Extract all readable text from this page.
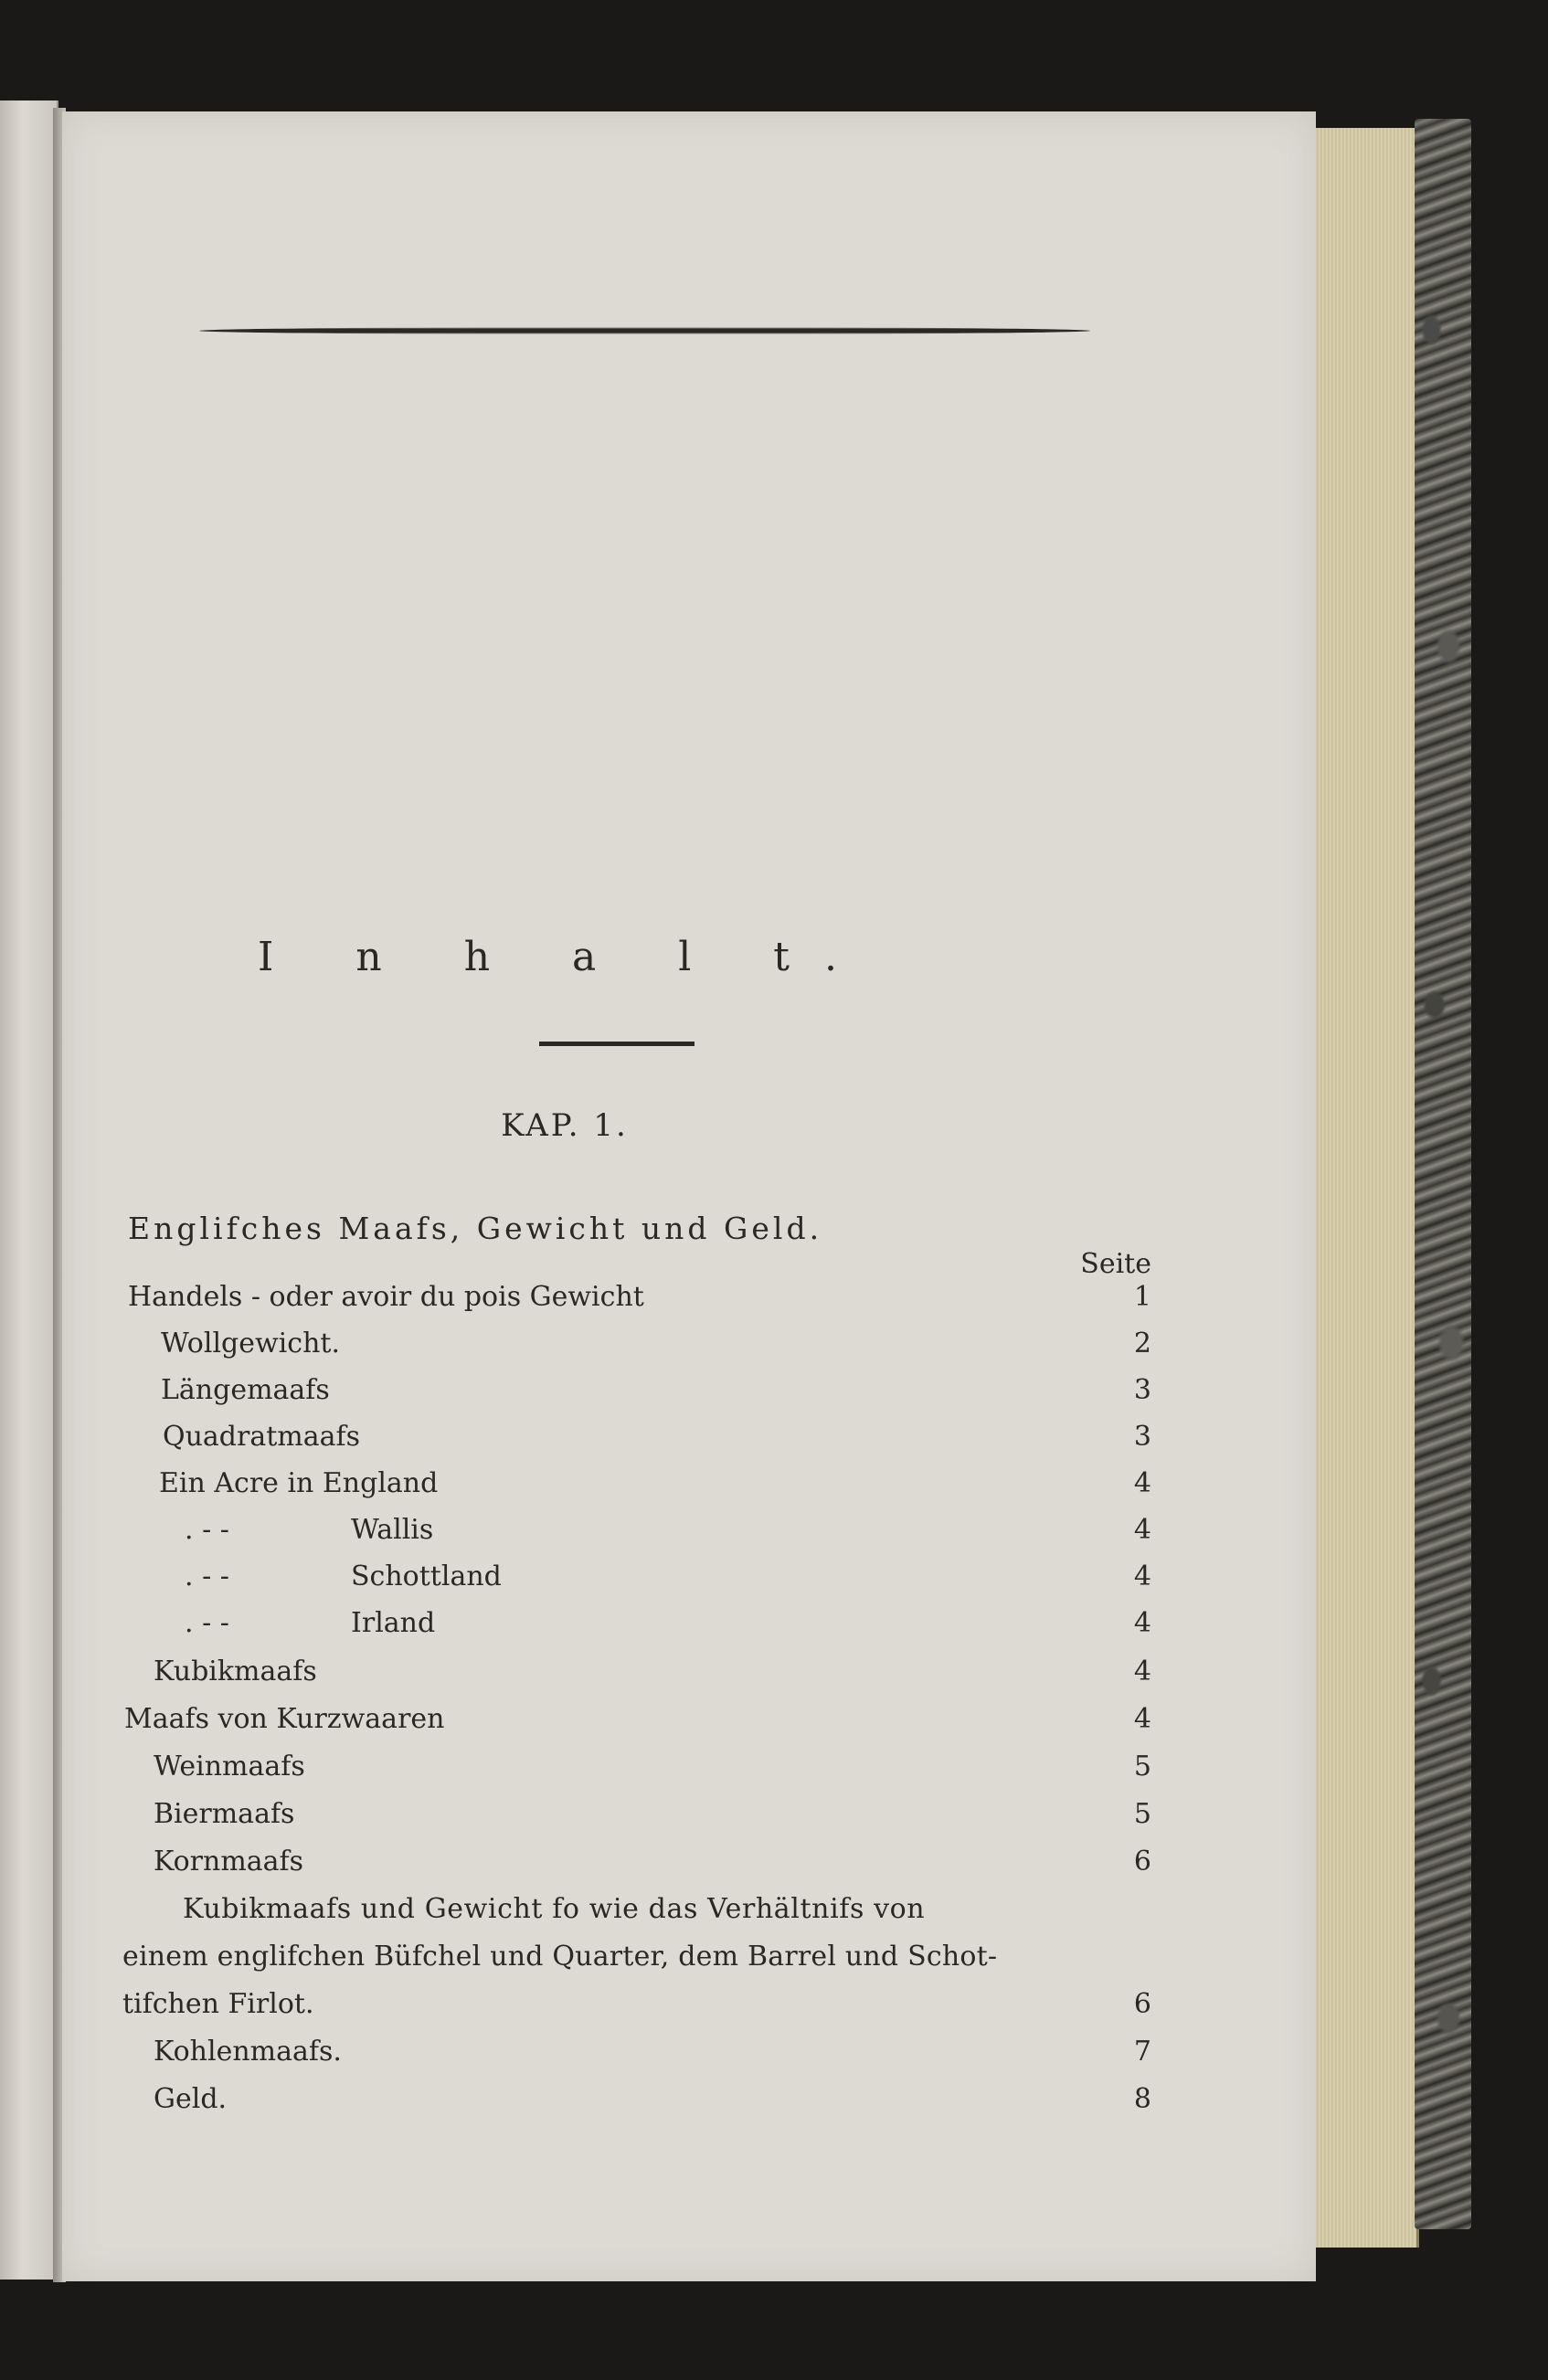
I n h a l t.
KAP. 1.
Englifches Maafs, Gewicht und Geld.
Seite
Handels - oder avoir du pois Gewicht	1
Wollgewicht.	2
Längemaafs	3
Quadratmaafs	3
Ein Acre in England	4
. - -	Wallis	4
. - -	Schottland	4
. - -	Irland	4
Kubikmaafs	4
Maafs von Kurzwaaren	4
Weinmaafs	5
Biermaafs	5
Kornmaafs	6
Kubikmaafs und Gewicht fo wie das Verhältnifs von
einem englifchen Büfchel und Quarter, dem Barrel und Schot-
tifchen Firlot.	6
Kohlenmaafs.	7
Geld.	8
